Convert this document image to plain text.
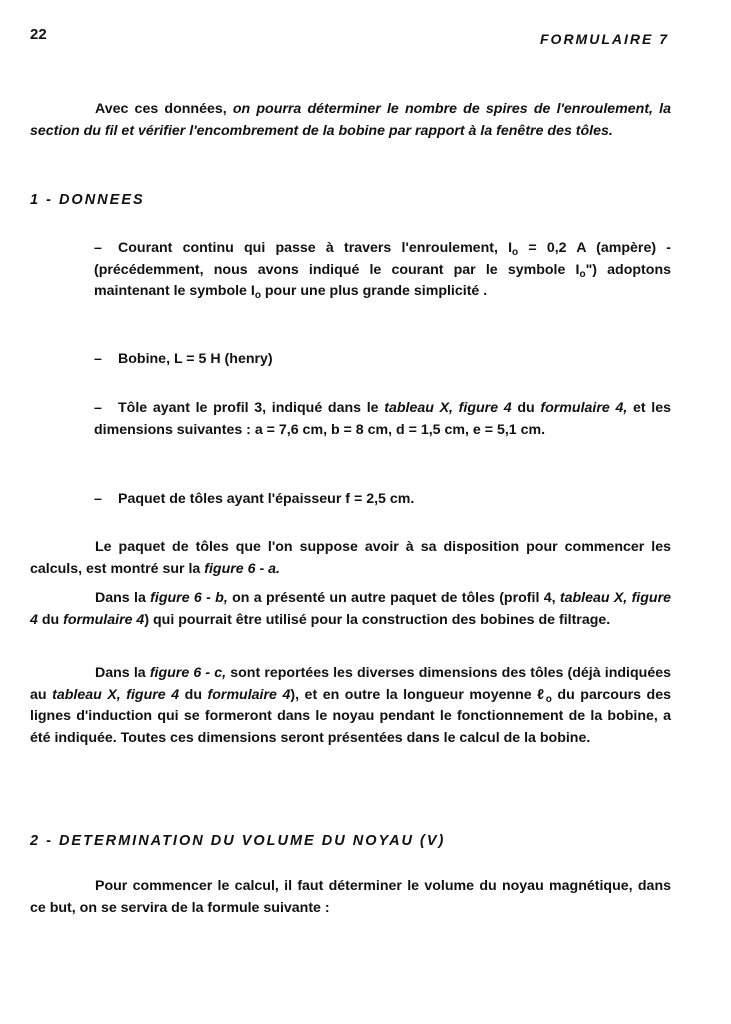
22	FORMULAIRE 7
Avec ces données, on pourra déterminer le nombre de spires de l'enroulement, la section du fil et vérifier l'encombrement de la bobine par rapport à la fenêtre des tôles.
1 - DONNEES
– Courant continu qui passe à travers l'enroulement, $I_o = 0,2$ A (ampère) - (précédemment, nous avons indiqué le courant par le symbole $I_o$") adoptons maintenant le symbole $I_o$ pour une plus grande simplicité .
– Bobine, L = 5 H (henry)
– Tôle ayant le profil 3, indiqué dans le tableau X, figure 4 du formulaire 4, et les dimensions suivantes : a = 7,6 cm, b = 8 cm, d = 1,5 cm, e = 5,1 cm.
– Paquet de tôles ayant l'épaisseur f = 2,5 cm.
Le paquet de tôles que l'on suppose avoir à sa disposition pour commencer les calculs, est montré sur la figure 6 - a.
Dans la figure 6 - b, on a présenté un autre paquet de tôles (profil 4, tableau X, figure 4 du formulaire 4) qui pourrait être utilisé pour la construction des bobines de filtrage.
Dans la figure 6 - c, sont reportées les diverses dimensions des tôles (déjà indiquées au tableau X, figure 4 du formulaire 4), et en outre la longueur moyenne ℓ$_o$ du parcours des lignes d'induction qui se formeront dans le noyau pendant le fonctionnement de la bobine, a été indiquée. Toutes ces dimensions seront présentées dans le calcul de la bobine.
2 - DETERMINATION DU VOLUME DU NOYAU (V)
Pour commencer le calcul, il faut déterminer le volume du noyau magnétique, dans ce but, on se servira de la formule suivante :
